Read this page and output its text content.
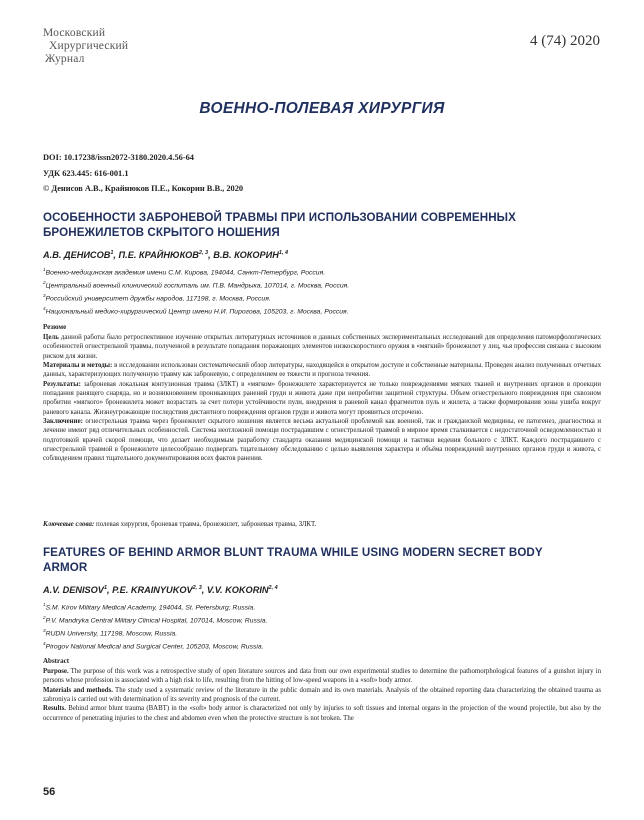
Московский
Хирургический
Журнал
4 (74) 2020
ВОЕННО-ПОЛЕВАЯ ХИРУРГИЯ
DOI: 10.17238/issn2072-3180.2020.4.56-64
УДК 623.445: 616-001.1
© Денисов А.В., Крайнюков П.Е., Кокорин В.В., 2020
ОСОБЕННОСТИ ЗАБРОНЕВОЙ ТРАВМЫ ПРИ ИСПОЛЬЗОВАНИИ СОВРЕМЕННЫХ
БРОНЕЖИЛЕТОВ СКРЫТОГО НОШЕНИЯ
А.В. ДЕНИСОВ$^1$, П.Е. КРАЙНЮКОВ$^{2, 3}$, В.В. КОКОРИН$^{1, 4}$
$^1$Военно-медицинская академия имени С.М. Кирова, 194044, Санкт-Петербург, Россия.
$^2$Центральный военный клинический госпиталь им. П.В. Мандрыка, 107014, г. Москва, Россия.
$^3$Российский университет дружбы народов, 117198, г. Москва, Россия.
$^4$Национальный медико-хирургический Центр имени Н.И. Пирогова, 105203, г. Москва, Россия.
Резюме
Цель данной работы было ретроспективное изучение открытых литературных источников и данных собственных экспериментальных исследований для определения патоморфологических особенностей огнестрельной травмы, полученной в результате попадания поражающих элементов низкоскоростного оружия в «мягкий» бронежилет у лиц, чья профессия связана с высоким риском для жизни.
Материалы и методы: в исследовании использован систематический обзор литературы, находящейся в открытом доступе и собственные материалы. Проведен анализ полученных отчетных данных, характеризующих полученную травму как заброневую, с определением ее тяжести и прогноза течения.
Результаты: заброневая локальная контузионная травма (ЗЛКТ) в «мягком» бронежилете характеризуется не только повреждениями мягких тканей и внутренних органов в проекции попадания ранящего снаряда, но и возникновением проникающих ранений груди и живота даже при непробитии защитной структуры. Объем огнестрельного повреждения при сквозном пробитии «мягкого» бронежилета может возрастать за счет потери устойчивости пули, внедрения в раневой канал фрагментов пуль и жилета, а также формирования зоны ушиба вокруг раневого канала. Жизнеугрожающие последствия дистантного повреждения органов груди и живота могут проявиться отсрочено.
Заключение: огнестрельная травма через бронежилет скрытого ношения является весьма актуальной проблемой как военной, так и гражданской медицины, ее патогенез, диагностика и лечение имеют ряд отличительных особенностей. Система неотложной помощи пострадавшим с огнестрельной травмой в мирное время сталкивается с недостаточной осведомленностью и подготовкой врачей скорой помощи, что делает необходимым разработку стандарта оказания медицинской помощи и тактики ведения больного с ЗЛКТ. Каждого пострадавшего с огнестрельной травмой в бронежилете целесообразно подвергать тщательному обследованию с целью выявления характера и объёма повреждений внутренних органов груди и живота, с соблюдением правил тщательного документирования всех фактов ранения.
Ключевые слова: полевая хирургия, броневая травма, бронежилет, заброневая травма, ЗЛКТ.
FEATURES OF BEHIND ARMOR BLUNT TRAUMA WHILE USING MODERN SECRET BODY
ARMOR
A.V. DENISOV$^1$, P.E. KRAINYUKOV$^{2, 3}$, V.V. KOKORIN$^{2, 4}$
$^1$S.M. Kirov Military Medical Academy, 194044, St. Petersburg; Russia.
$^2$P.V. Mandryka Central Military Clinical Hospital, 107014, Moscow, Russia.
$^3$RUDN University, 117198, Moscow, Russia.
$^4$Pirogov National Medical and Surgical Center, 105203, Moscow, Russia.
Abstract
Purpose. The purpose of this work was a retrospective study of open literature sources and data from our own experimental studies to determine the pathomorphological features of a gunshot injury in persons whose profession is associated with a high risk to life, resulting from the hitting of low-speed weapons in a «soft» body armor.
Materials and methods. The study used a systematic review of the literature in the public domain and its own materials. Analysis of the obtained reporting data characterizing the obtained trauma as zabroniya is carried out with determination of its severity and prognosis of the current.
Results. Behind armor blunt trauma (BABT) in the «soft» body armor is characterized not only by injuries to soft tissues and internal organs in the projection of the wound projectile, but also by the occurrence of penetrating injuries to the chest and abdomen even when the protective structure is not broken. The
56
